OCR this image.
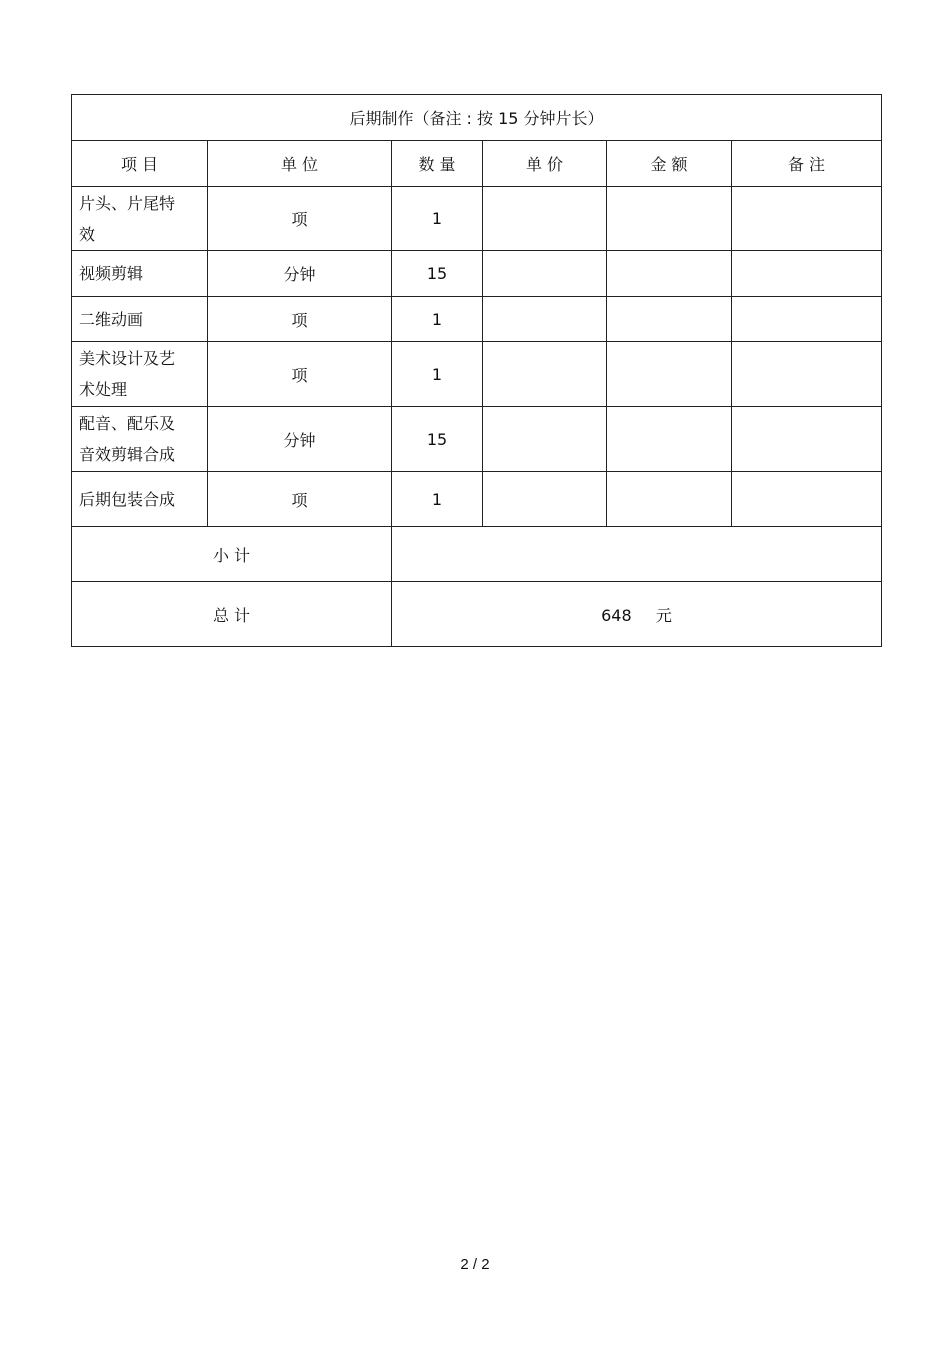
后期制作（备注 : 按 15 分钟片长）					
项 目	单 位	数 量	单 价	金 额	备 注

片头、片尾特
效	项	1			

视频剪辑	分钟	15			

二维动画	项	1			

美术设计及艺
术处理	项	1			

配音、配乐及
音效剪辑合成	分钟	15			

后期包装合成	项	1			
小 计					
总 计		648 元			
2 / 2
